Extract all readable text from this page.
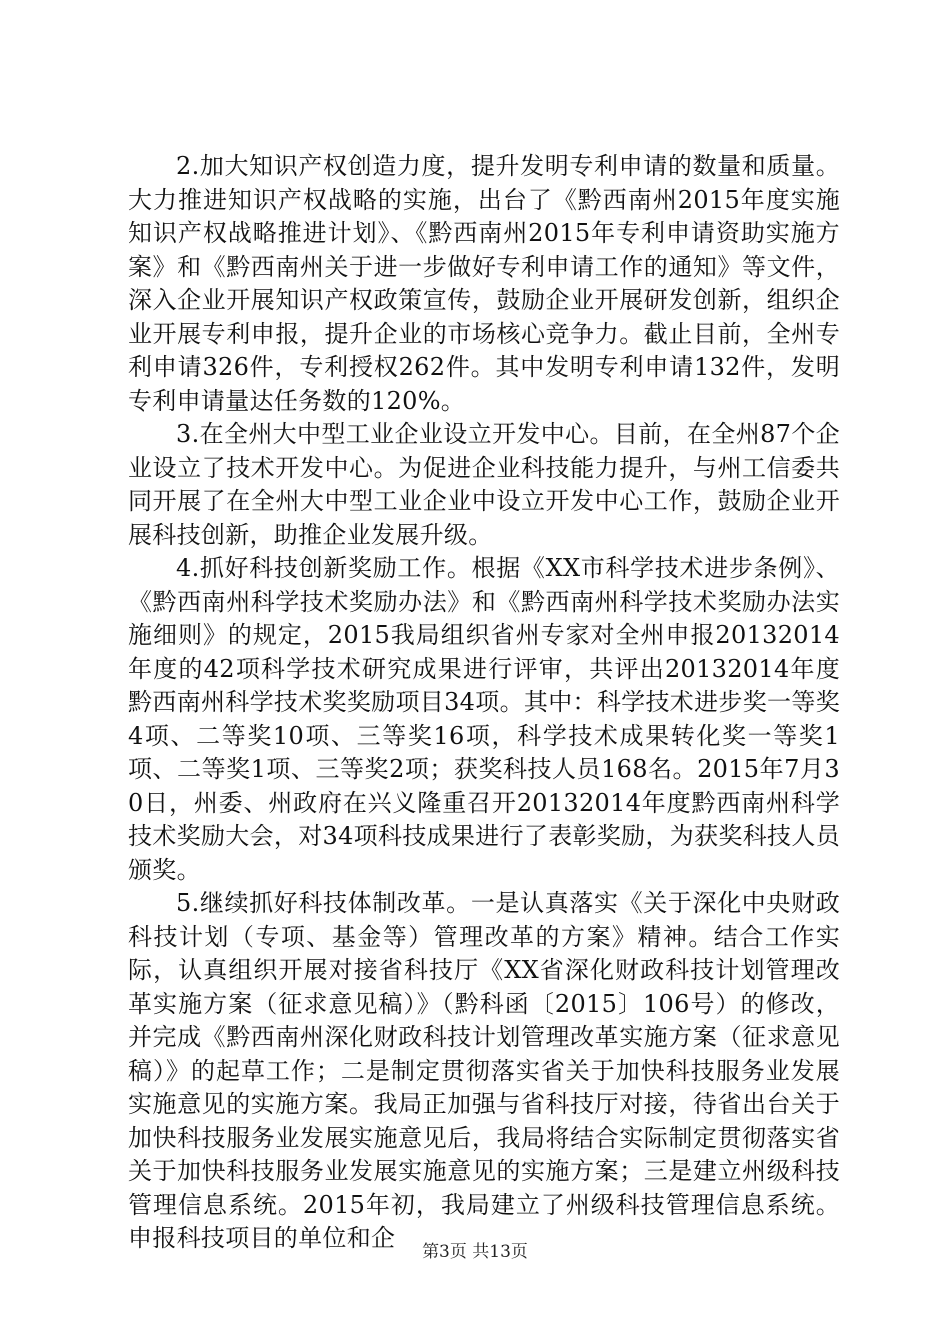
2.加大知识产权创造力度，提升发明专利申请的数量和质量。大力推进知识产权战略的实施，出台了《黔西南州2015年度实施知识产权战略推进计划》、《黔西南州2015年专利申请资助实施方案》和《黔西南州关于进一步做好专利申请工作的通知》等文件，深入企业开展知识产权政策宣传，鼓励企业开展研发创新，组织企业开展专利申报，提升企业的市场核心竞争力。截止目前，全州专利申请326件，专利授权262件。其中发明专利申请132件，发明专利申请量达任务数的120%。

3.在全州大中型工业企业设立开发中心。目前，在全州87个企业设立了技术开发中心。为促进企业科技能力提升，与州工信委共同开展了在全州大中型工业企业中设立开发中心工作，鼓励企业开展科技创新，助推企业发展升级。

4.抓好科技创新奖励工作。根据《XX市科学技术进步条例》、《黔西南州科学技术奖励办法》和《黔西南州科学技术奖励办法实施细则》的规定，2015我局组织省州专家对全州申报20132014年度的42项科学技术研究成果进行评审，共评出20132014年度黔西南州科学技术奖奖励项目34项。其中：科学技术进步奖一等奖4项、二等奖10项、三等奖16项，科学技术成果转化奖一等奖1项、二等奖1项、三等奖2项；获奖科技人员168名。2015年7月30日，州委、州政府在兴义隆重召开20132014年度黔西南州科学技术奖励大会，对34项科技成果进行了表彰奖励，为获奖科技人员颁奖。

5.继续抓好科技体制改革。一是认真落实《关于深化中央财政科技计划（专项、基金等）管理改革的方案》精神。结合工作实际，认真组织开展对接省科技厅《XX省深化财政科技计划管理改革实施方案（征求意见稿）》（黔科函〔2015〕106号）的修改，并完成《黔西南州深化财政科技计划管理改革实施方案（征求意见稿）》的起草工作；二是制定贯彻落实省关于加快科技服务业发展实施意见的实施方案。我局正加强与省科技厅对接，待省出台关于加快科技服务业发展实施意见后，我局将结合实际制定贯彻落实省关于加快科技服务业发展实施意见的实施方案；三是建立州级科技管理信息系统。2015年初，我局建立了州级科技管理信息系统。申报科技项目的单位和企	第3页 共13页
